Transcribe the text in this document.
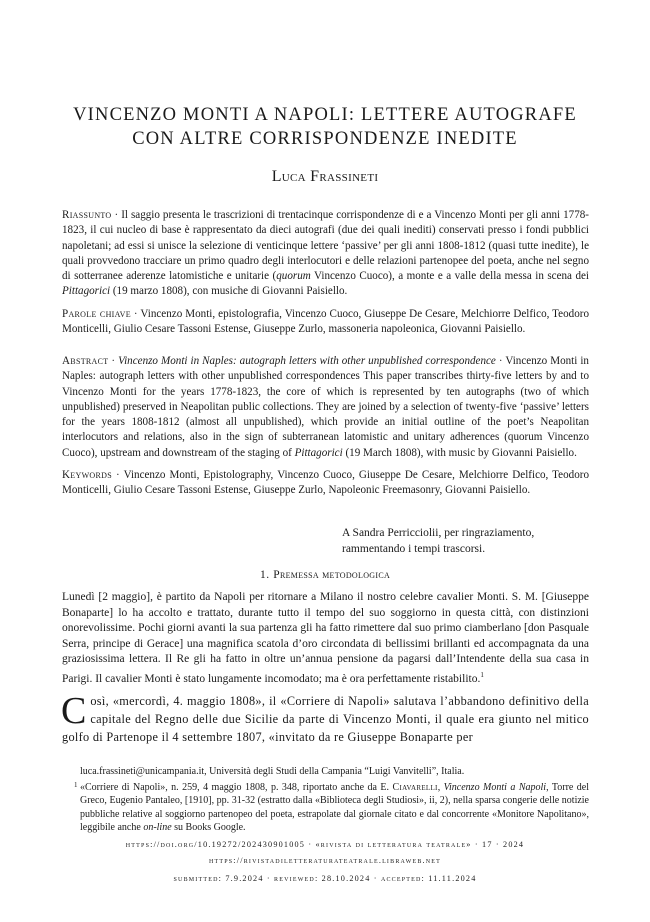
VINCENZO MONTI A NAPOLI: LETTERE AUTOGRAFE
CON ALTRE CORRISPONDENZE INEDITE
Luca Frassineti
Riassunto · Il saggio presenta le trascrizioni di trentacinque corrispondenze di e a Vincenzo Monti per gli anni 1778-1823, il cui nucleo di base è rappresentato da dieci autografi (due dei quali inediti) conservati presso i fondi pubblici napoletani; ad essi si unisce la selezione di venticinque lettere ‘passive’ per gli anni 1808-1812 (quasi tutte inedite), le quali provvedono tracciare un primo quadro degli interlocutori e delle relazioni partenopee del poeta, anche nel segno di sotterranee aderenze latomistiche e unitarie (quorum Vincenzo Cuoco), a monte e a valle della messa in scena dei Pittagorici (19 marzo 1808), con musiche di Giovanni Paisiello.
Parole chiave · Vincenzo Monti, epistolografia, Vincenzo Cuoco, Giuseppe De Cesare, Melchiorre Delfico, Teodoro Monticelli, Giulio Cesare Tassoni Estense, Giuseppe Zurlo, massoneria napoleonica, Giovanni Paisiello.
Abstract · Vincenzo Monti in Naples: autograph letters with other unpublished correspondence · Vincenzo Monti in Naples: autograph letters with other unpublished correspondences This paper transcribes thirty-five letters by and to Vincenzo Monti for the years 1778-1823, the core of which is represented by ten autographs (two of which unpublished) preserved in Neapolitan public collections. They are joined by a selection of twenty-five ‘passive’ letters for the years 1808-1812 (almost all unpublished), which provide an initial outline of the poet’s Neapolitan interlocutors and relations, also in the sign of subterranean latomistic and unitary adherences (quorum Vincenzo Cuoco), upstream and downstream of the staging of Pittagorici (19 March 1808), with music by Giovanni Paisiello.
Keywords · Vincenzo Monti, Epistolography, Vincenzo Cuoco, Giuseppe De Cesare, Melchiorre Delfico, Teodoro Monticelli, Giulio Cesare Tassoni Estense, Giuseppe Zurlo, Napoleonic Freemasonry, Giovanni Paisiello.
A Sandra Perricciolii, per ringraziamento,
rammentando i tempi trascorsi.
1. Premessa metodologica
Lunedì [2 maggio], è partito da Napoli per ritornare a Milano il nostro celebre cavalier Monti. S. M. [Giuseppe Bonaparte] lo ha accolto e trattato, durante tutto il tempo del suo soggiorno in questa città, con distinzioni onorevolissime. Pochi giorni avanti la sua partenza gli ha fatto rimettere dal suo primo ciamberlano [don Pasquale Serra, principe di Gerace] una magnifica scatola d’oro circondata di bellissimi brillanti ed accompagnata da una graziosissima lettera. Il Re gli ha fatto in oltre un’annua pensione da pagarsi dall’Intendente della sua casa in Parigi. Il cavalier Monti è stato lungamente incomodato; ma è ora perfettamente ristabilito.$^1$
Così, «mercordì, 4. maggio 1808», il «Corriere di Napoli» salutava l’abbandono definitivo della capitale del Regno delle due Sicilie da parte di Vincenzo Monti, il quale era giunto nel mitico golfo di Partenope il 4 settembre 1807, «invitato da re Giuseppe Bonaparte per
luca.frassineti@unicampania.it, Università degli Studi della Campania “Luigi Vanvitelli”, Italia.
1 «Corriere di Napoli», n. 259, 4 maggio 1808, p. 348, riportato anche da E. Ciavarelli, Vincenzo Monti a Napoli, Torre del Greco, Eugenio Pantaleo, [1910], pp. 31-32 (estratto dalla «Biblioteca degli Studiosi», ii, 2), nella sparsa congerie delle notizie pubbliche relative al soggiorno partenopeo del poeta, estrapolate dal giornale citato e dal concorrente «Monitore Napolitano», leggibile anche on-line su Books Google.
https://doi.org/10.19272/202430901005 · «rivista di letteratura teatrale» · 17 · 2024
https://rivistadiletteraturateatrale.libraweb.net
submitted: 7.9.2024 · reviewed: 28.10.2024 · accepted: 11.11.2024
